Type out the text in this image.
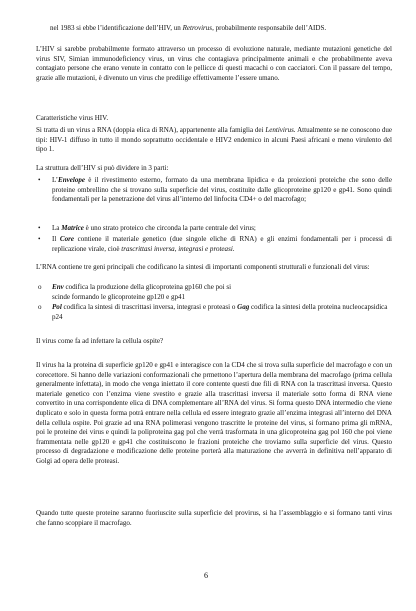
nel 1983 si ebbe l’identificazione dell’HIV, un Retrovirus, probabilmente responsabile dell’AIDS.

L’HIV si sarebbe probabilmente formato attraverso un processo di evoluzione naturale, mediante mutazioni genetiche del virus SIV, Simian immunodeficiency virus, un virus che contagiava principalmente animali e che probabilmente aveva contagiato persone che erano venute in contatto con le pellicce di questi macachi o con cacciatori. Con il passare del tempo, grazie alle mutazioni, è divenuto un virus che predilige effettivamente l’essere umano.

Caratteristiche virus HIV.

Si tratta di un virus a RNA (doppia elica di RNA), appartenente alla famiglia dei Lentivirus. Attualmente se ne conoscono due tipi: HIV-1 diffuso in tutto il mondo soprattutto occidentale e HIV2 endemico in alcuni Paesi africani e meno virulento del tipo 1.

La struttura dell’HIV si può dividere in 3 parti:

• L’Envelope è il rivestimento esterno, formato da una membrana lipidica e da proiezioni proteiche che sono delle proteine ombrellino che si trovano sulla superficie del virus, costituite dalle glicoproteine gp120 e gp41. Sono quindi fondamentali per la penetrazione del virus all’interno del linfocita CD4+ o del macrofago;

• La Matrice è uno strato proteico che circonda la parte centrale del virus;

• Il Core contiene il materiale genetico (due singole eliche di RNA) e gli enzimi fondamentali per i processi di replicazione virale, cioè trascrittasi inversa, integrasi e proteasi.

L’RNA contiene tre geni principali che codificano la sintesi di importanti componenti strutturali e funzionali del virus:

o Env codifica la produzione della glicoproteina gp160 che poi si scinde formando le glicoproteine gp120 e gp41

o Pol codifica la sintesi di trascrittasi inversa, integrasi e proteasi o Gag codifica la sintesi della proteina nucleocapsidica p24

Il virus come fa ad infettare la cellula ospite?

Il virus ha la proteina di superficie gp120 e gp41 e interagisce con la CD4 che si trova sulla superficie del macrofago e con un corecettore. Si hanno delle variazioni conformazionali che prmettono l’apertura della membrana del macrofago (prima cellula generalmente infettata), in modo che venga iniettato il core contente questi due fili di RNA con la trascrittasi inversa. Questo materiale genetico con l’enzima viene svestito e grazie alla trascrittasi inversa il materiale sotto forma di RNA viene convertito in una corrispondente elica di DNA complementare all’RNA del virus. Si forma questo DNA intermedio che viene duplicato e solo in questa forma potrà entrare nella cellula ed essere integrato grazie all’enzima integrasi all’interno del DNA della cellula ospite. Poi grazie ad una RNA polimerasi vengono trascritte le proteine del virus, si formano prima gli mRNA, poi le proteine dei virus e quindi la poliproteina gag pol che verrà trasformata in una glicoproteina gag pol 160 che poi viene frammentata nelle gp120 e gp41 che costituiscono le frazioni proteiche che troviamo sulla superficie del virus. Questo processo di degradazione e modificazione delle proteine porterà alla maturazione che avverrà in definitiva nell’apparato di Golgi ad opera delle proteasi.

Quando tutte queste proteine saranno fuoriuscite sulla superficie del provirus, si ha l’assemblaggio e si formano tanti virus che fanno scoppiare il macrofago.

6
